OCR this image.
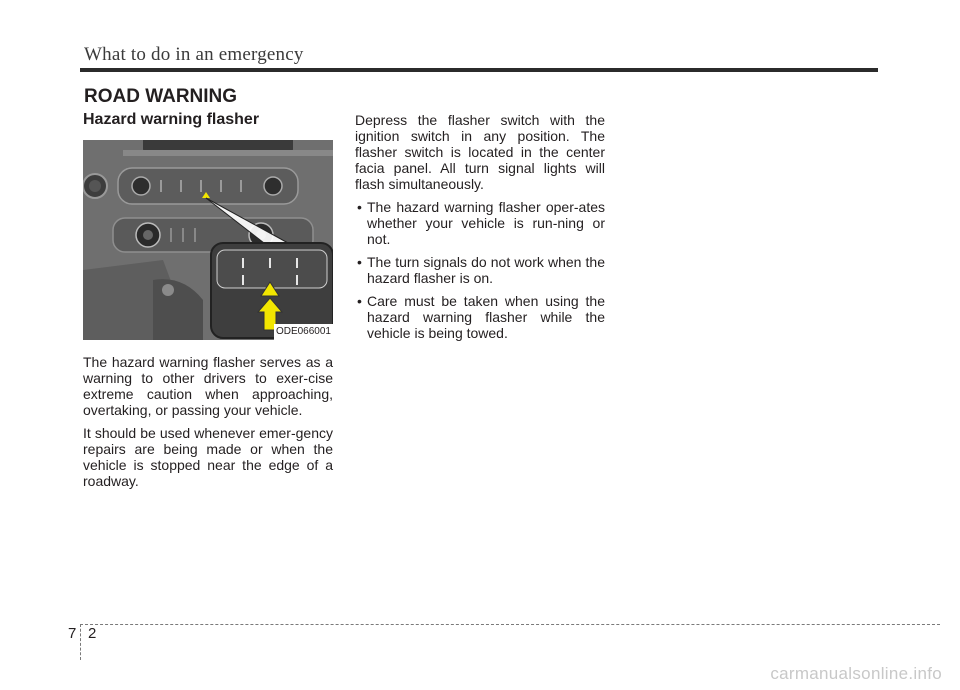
What to do in an emergency
ROAD WARNING
Hazard warning flasher
ODE066001

The hazard warning flasher serves as a warning to other drivers to exer-cise extreme caution when approaching, overtaking, or passing your vehicle.

It should be used whenever emer-gency repairs are being made or when the vehicle is stopped near the edge of a roadway.

Depress the flasher switch with the ignition switch in any position. The flasher switch is located in the center facia panel. All turn signal lights will flash simultaneously.

• The hazard warning flasher oper-ates whether your vehicle is run-ning or not.
• The turn signals do not work when the hazard flasher is on.
• Care must be taken when using the hazard warning flasher while the vehicle is being towed.
7 2
carmanualsonline.info
